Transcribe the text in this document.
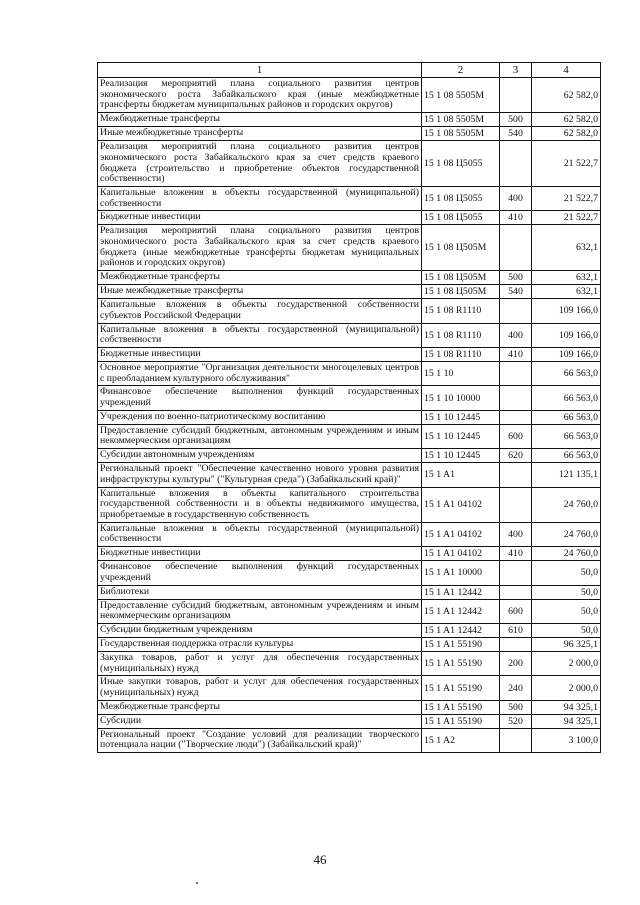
1	2	3	4
Реализация мероприятий плана социального развития центров экономического роста Забайкальского края (иные межбюджетные трансферты бюджетам муниципальных районов и городских округов)	15 1 08 5505М		62 582,0
Межбюджетные трансферты	15 1 08 5505М	500	62 582,0
Иные межбюджетные трансферты	15 1 08 5505М	540	62 582,0
Реализация мероприятий плана социального развития центров экономического роста Забайкальского края за счет средств краевого бюджета (строительство и приобретение объектов государственной собственности)	15 1 08 Ц5055		21 522,7
Капитальные вложения в объекты государственной (муниципальной) собственности	15 1 08 Ц5055	400	21 522,7
Бюджетные инвестиции	15 1 08 Ц5055	410	21 522,7
Реализация мероприятий плана социального развития центров экономического роста Забайкальского края за счет средств краевого бюджета (иные межбюджетные трансферты бюджетам муниципальных районов и городских округов)	15 1 08 Ц505М		632,1
Межбюджетные трансферты	15 1 08 Ц505М	500	632,1
Иные межбюджетные трансферты	15 1 08 Ц505М	540	632,1
Капитальные вложения в объекты государственной собственности субъектов Российской Федерации	15 1 08 R1110		109 166,0
Капитальные вложения в объекты государственной (муниципальной) собственности	15 1 08 R1110	400	109 166,0
Бюджетные инвестиции	15 1 08 R1110	410	109 166,0
Основное мероприятие "Организация деятельности многоцелевых центров с преобладанием культурного обслуживания"	15 1 10		66 563,0
Финансовое обеспечение выполнения функций государственных учреждений	15 1 10 10000		66 563,0
Учреждения по военно-патриотическому воспитанию	15 1 10 12445		66 563,0
Предоставление субсидий бюджетным, автономным учреждениям и иным некоммерческим организациям	15 1 10 12445	600	66 563,0
Субсидии автономным учреждениям	15 1 10 12445	620	66 563,0
Региональный проект "Обеспечение качественно нового уровня развития инфраструктуры культуры" ("Культурная среда") (Забайкальский край)"	15 1 A1		121 135,1
Капитальные вложения в объекты капитального строительства государственной собственности и в объекты недвижимого имущества, приобретаемые в государственную собственность	15 1 A1 04102		24 760,0
Капитальные вложения в объекты государственной (муниципальной) собственности	15 1 A1 04102	400	24 760,0
Бюджетные инвестиции	15 1 A1 04102	410	24 760,0
Финансовое обеспечение выполнения функций государственных учреждений	15 1 A1 10000		50,0
Библиотеки	15 1 A1 12442		50,0
Предоставление субсидий бюджетным, автономным учреждениям и иным некоммерческим организациям	15 1 A1 12442	600	50,0
Субсидии бюджетным учреждениям	15 1 A1 12442	610	50,0
Государственная поддержка отрасли культуры	15 1 A1 55190		96 325,1
Закупка товаров, работ и услуг для обеспечения государственных (муниципальных) нужд	15 1 A1 55190	200	2 000,0
Иные закупки товаров, работ и услуг для обеспечения государственных (муниципальных) нужд	15 1 A1 55190	240	2 000,0
Межбюджетные трансферты	15 1 A1 55190	500	94 325,1
Субсидии	15 1 A1 55190	520	94 325,1
Региональный проект "Создание условий для реализации творческого потенциала нации ("Творческие люди") (Забайкальский край)"	15 1 A2		3 100,0
46
